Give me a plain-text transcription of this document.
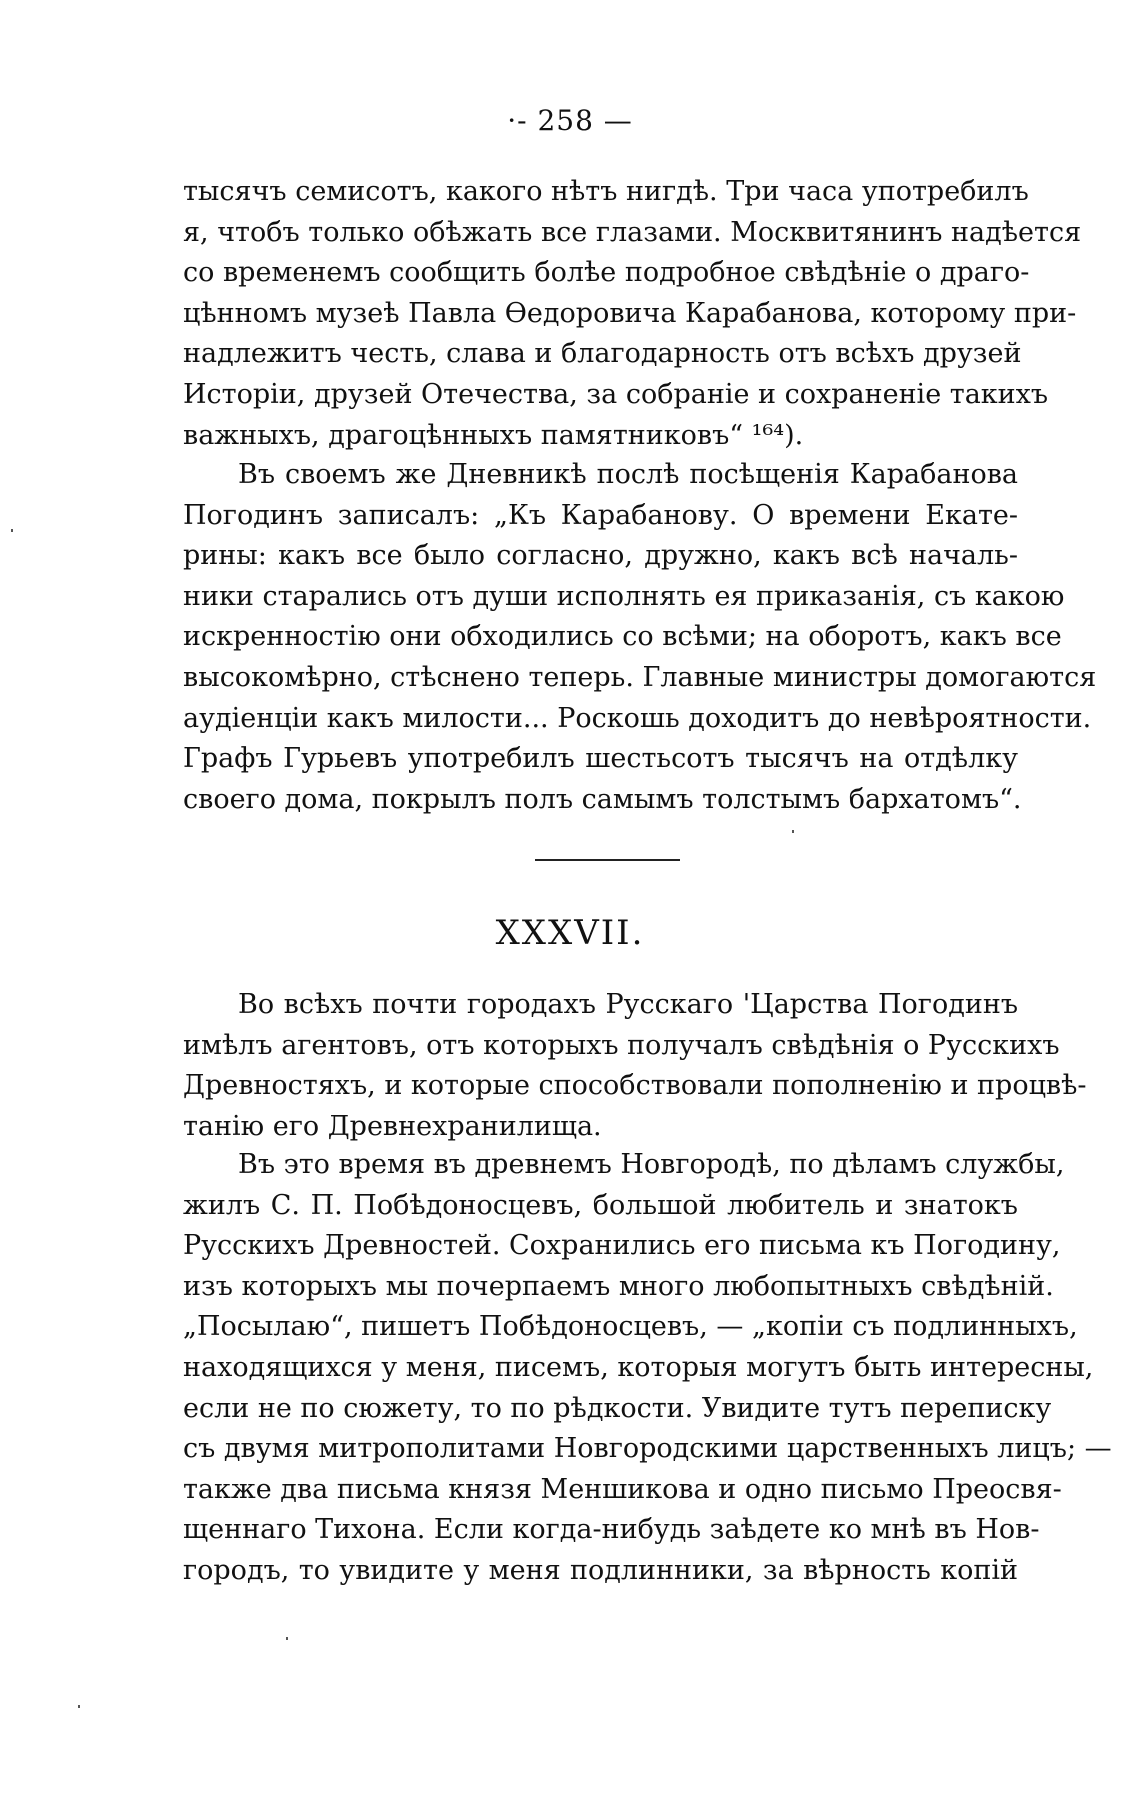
·- 258 —
тысячъ семисотъ, какого нѣтъ нигдѣ. Три часа употребилъ
я, чтобъ только обѣжать все глазами. Москвитянинъ надѣется
со временемъ сообщить болѣе подробное свѣдѣніе о драго-
цѣнномъ музеѣ Павла Ѳедоровича Карабанова, которому при-
надлежитъ честь, слава и благодарность отъ всѣхъ друзей
Исторіи, друзей Отечества, за собраніе и сохраненіе такихъ
важныхъ, драгоцѣнныхъ памятниковъ“ ¹⁶⁴).
Въ своемъ же Дневникѣ послѣ посѣщенія Карабанова
Погодинъ записалъ: „Къ Карабанову. О времени Екате-
рины: какъ все было согласно, дружно, какъ всѣ началь-
ники старались отъ души исполнять ея приказанія, съ какою
искренностію они обходились со всѣми; на оборотъ, какъ все
высокомѣрно, стѣснено теперь. Главные министры домогаются
аудіенціи какъ милости... Роскошь доходитъ до невѣроятности.
Графъ Гурьевъ употребилъ шестьсотъ тысячъ на отдѣлку
своего дома, покрылъ полъ самымъ толстымъ бархатомъ“.
XXXVII.
Во всѣхъ почти городахъ Русскаго 'Царства Погодинъ
имѣлъ агентовъ, отъ которыхъ получалъ свѣдѣнія о Русскихъ
Древностяхъ, и которые способствовали пополненію и процвѣ-
танію его Древнехранилища.
Въ это время въ древнемъ Новгородѣ, по дѣламъ службы,
жилъ С. П. Побѣдоносцевъ, большой любитель и знатокъ
Русскихъ Древностей. Сохранились его письма къ Погодину,
изъ которыхъ мы почерпаемъ много любопытныхъ свѣдѣній.
„Посылаю“, пишетъ Побѣдоносцевъ, — „копіи съ подлинныхъ,
находящихся у меня, писемъ, которыя могутъ быть интересны,
если не по сюжету, то по рѣдкости. Увидите тутъ переписку
съ двумя митрополитами Новгородскими царственныхъ лицъ; —
также два письма князя Меншикова и одно письмо Преосвя-
щеннаго Тихона. Если когда-нибудь заѣдете ко мнѣ въ Нов-
городъ, то увидите у меня подлинники, за вѣрность копій
